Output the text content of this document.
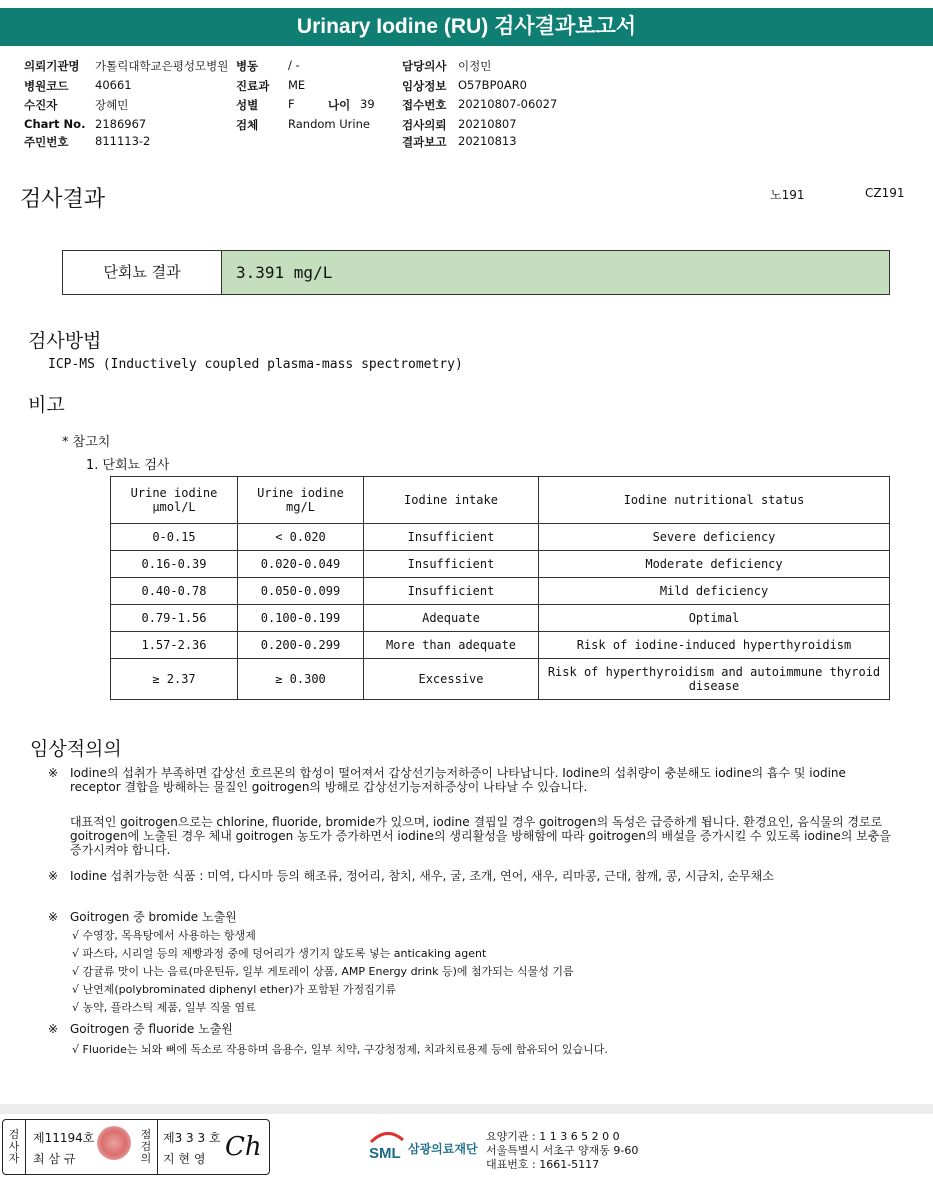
Urinary Iodine (RU) 검사결과보고서
의뢰기관명 가톨릭대학교은평성모병원
병원코드 40661
수진자	장혜민
Chart No. 2186967
주민번호 811113-2
병동	/ -
진료과 ME
성별	F	나이 39
검체	Random Urine
담당의사 이정민
임상정보 O57BP0AR0
접수번호 20210807-06027
검사의뢰 20210807
결과보고 20210813
검사결과	노191	CZ191
단회뇨 결과	3.391 mg/L
검사방법
ICP-MS (Inductively coupled plasma-mass spectrometry)
비고
* 참고치
1. 단회뇨 검사
Urine iodine μmol/L	Urine iodine mg/L	Iodine intake	Iodine nutritional status
0-0.15	< 0.020	Insufficient	Severe deficiency
0.16-0.39	0.020-0.049	Insufficient	Moderate deficiency
0.40-0.78	0.050-0.099	Insufficient	Mild deficiency
0.79-1.56	0.100-0.199	Adequate	Optimal
1.57-2.36	0.200-0.299	More than adequate	Risk of iodine-induced hyperthyroidism
≥ 2.37	≥ 0.300	Excessive	Risk of hyperthyroidism and autoimmune thyroid disease
임상적의의
※ Iodine의 섭취가 부족하면 갑상선 호르몬의 합성이 떨어져서 갑상선기능저하증이 나타납니다. Iodine의 섭취량이 충분해도 iodine의 흡수 및 iodine receptor 결합을 방해하는 물질인 goitrogen의 방해로 갑상선기능저하증상이 나타날 수 있습니다.
대표적인 goitrogen으로는 chlorine, fluoride, bromide가 있으며, iodine 결핍일 경우 goitrogen의 독성은 급증하게 됩니다. 환경요인, 음식물의 경로로 goitrogen에 노출된 경우 체내 goitrogen 농도가 증가하면서 iodine의 생리활성을 방해함에 따라 goitrogen의 배설을 증가시킬 수 있도록 iodine의 보충을 증가시켜야 합니다.
※ Iodine 섭취가능한 식품 : 미역, 다시마 등의 해조류, 정어리, 참치, 새우, 굴, 조개, 연어, 새우, 리마콩, 근대, 참깨, 콩, 시금치, 순무채소
※ Goitrogen 중 bromide 노출원
√ 수영장, 목욕탕에서 사용하는 항생제
√ 파스타, 시리얼 등의 제빵과정 중에 덩어리가 생기지 않도록 넣는 anticaking agent
√ 감귤류 맛이 나는 음료(마운틴듀, 일부 게토레이 상품, AMP Energy drink 등)에 첨가되는 식물성 기름
√ 난연제(polybrominated diphenyl ether)가 포함된 가정집기류
√ 농약, 플라스틱 제품, 일부 직물 염료
※ Goitrogen 중 fluoride 노출원
√ Fluoride는 뇌와 뼈에 독소로 작용하며 음용수, 일부 치약, 구강청정제, 치과치료용제 등에 함유되어 있습니다.
검
사
자
제11194호
최 삼 규
점
검
의
제3 3 3 호
지 현 영 Ch	SML 삼광의료재단
요양기관 : 1 1 3 6 5 2 0 0
서울특별시 서초구 양재동 9-60
대표번호 : 1661-5117
